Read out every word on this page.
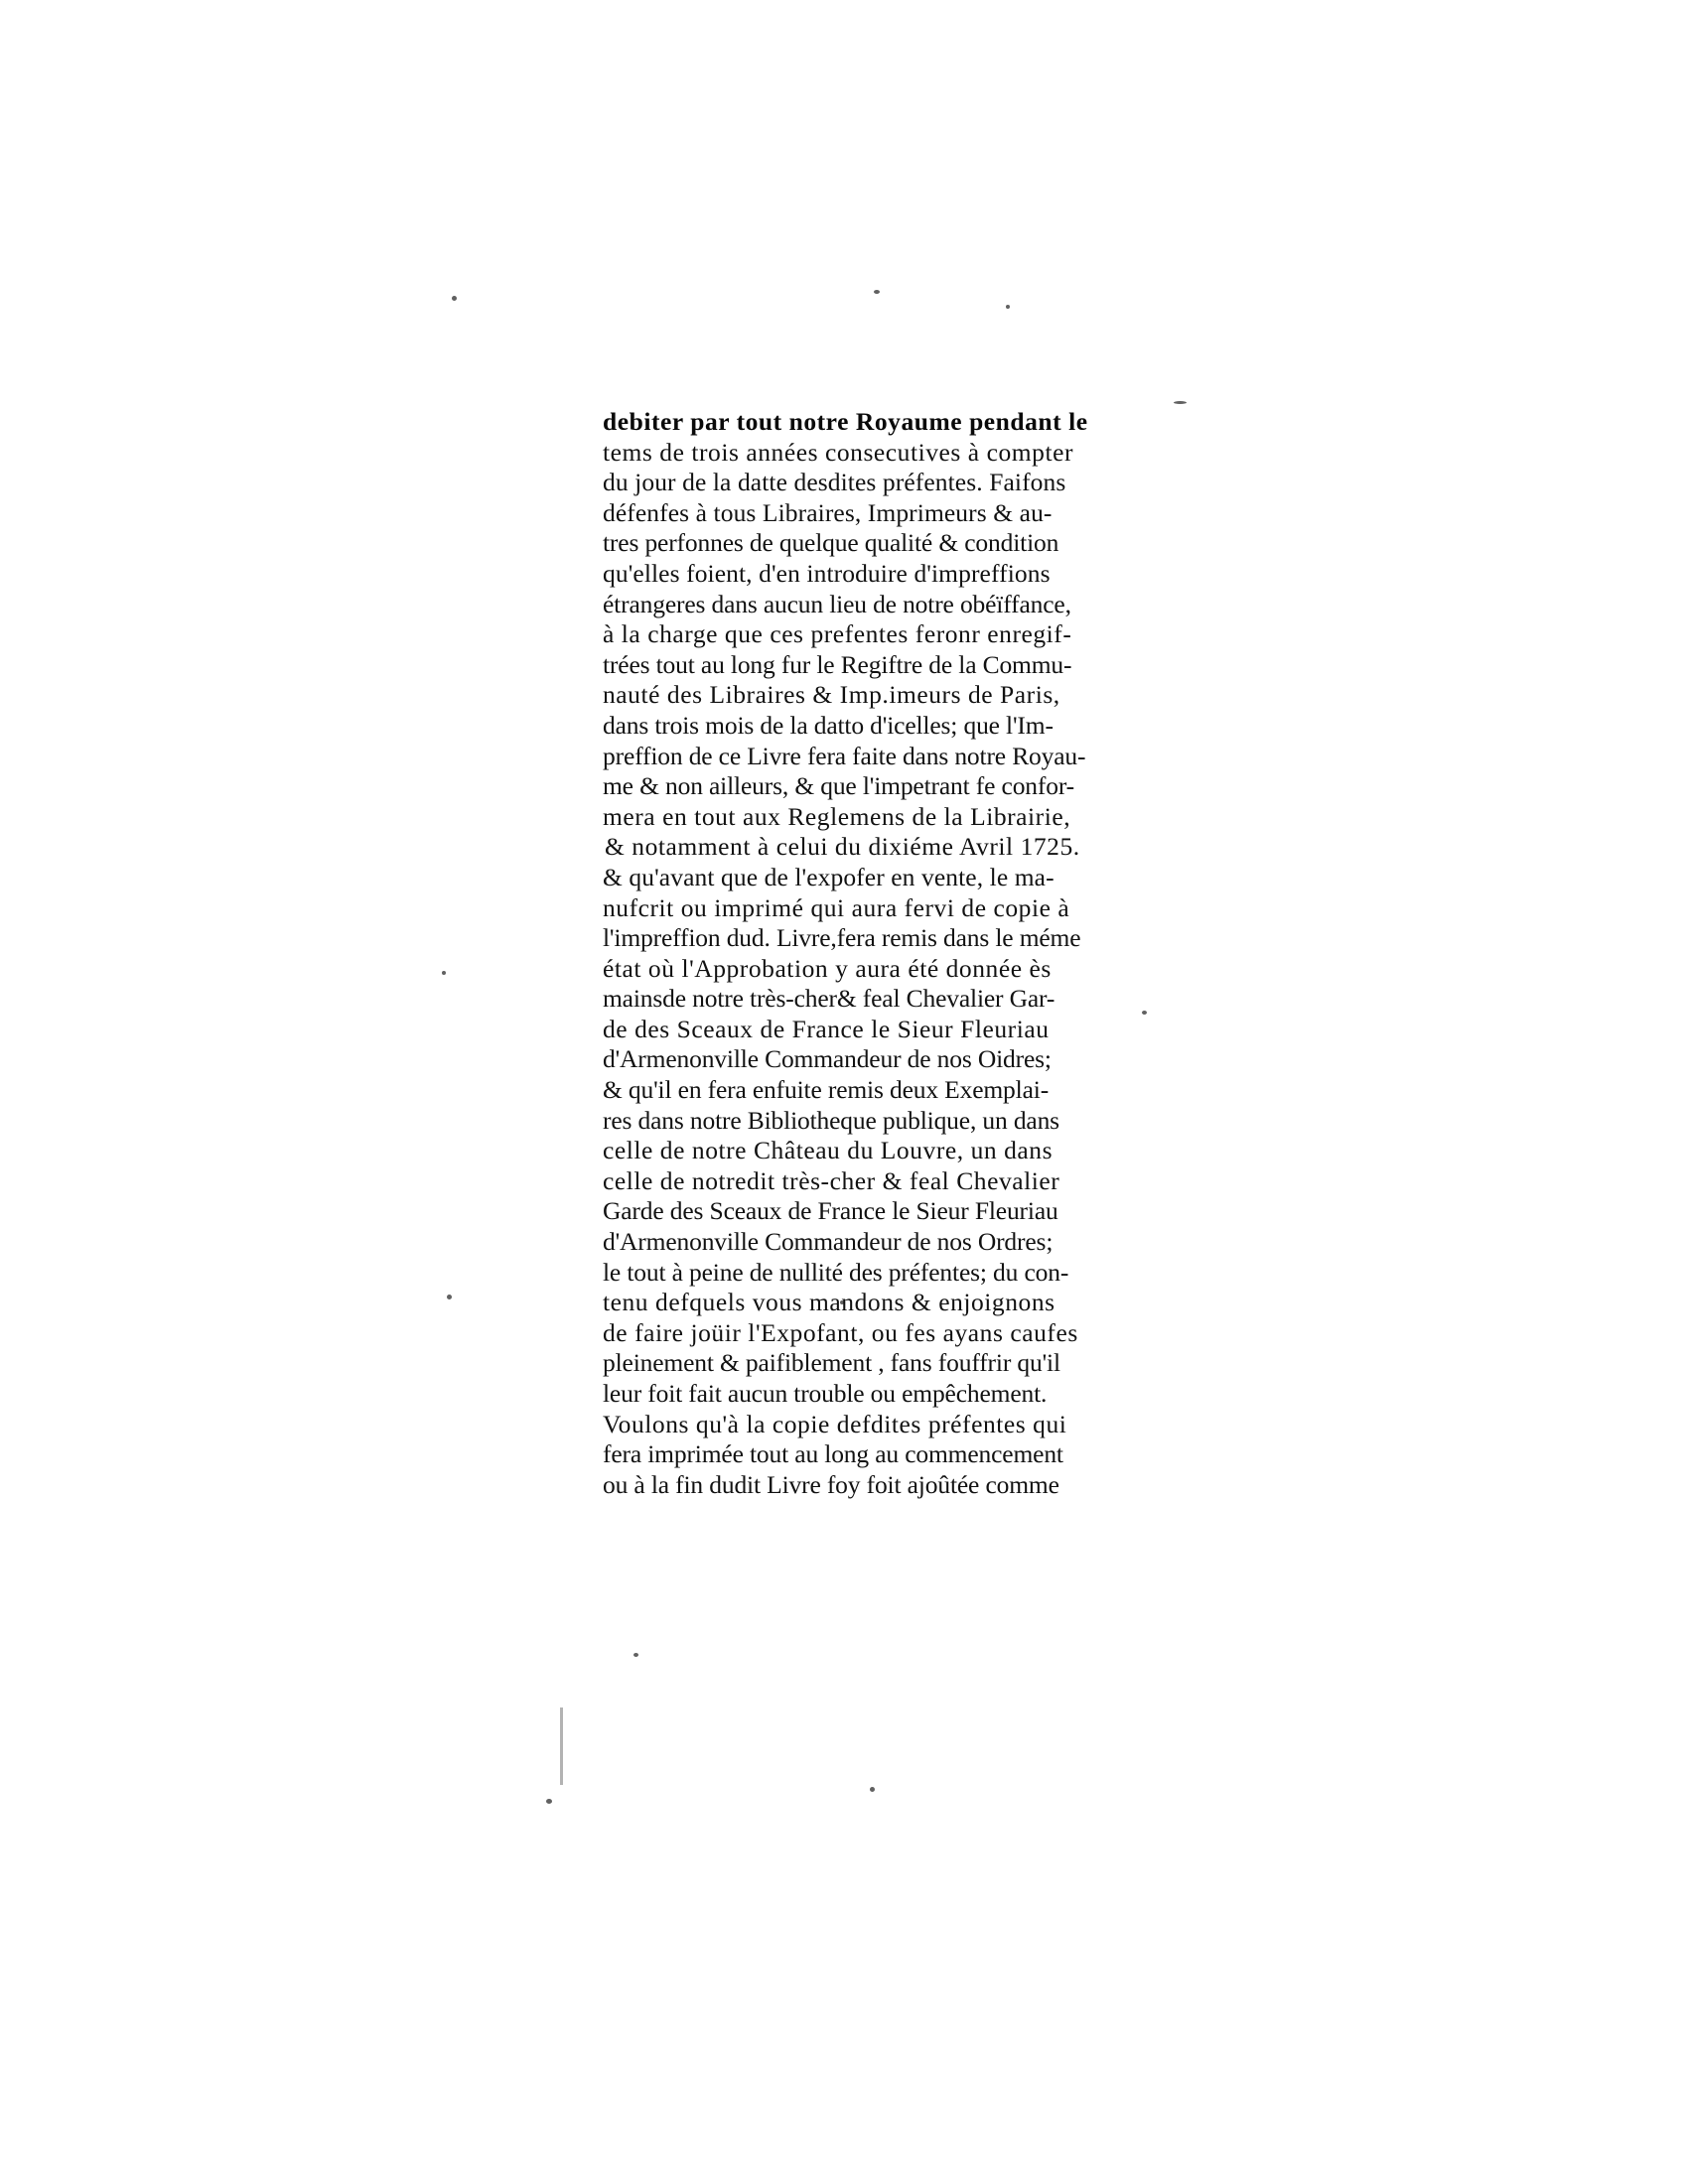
debiter par tout notre Royaume pendant le
tems de trois années consecutives à compter
du jour de la datte desdites préfentes. Faifons
défenfes à tous Libraires, Imprimeurs & au-
tres perfonnes de quelque qualité & condition
qu'elles foient, d'en introduire d'impreffions
étrangeres dans aucun lieu de notre obéïffance,
à la charge que ces prefentes feronr enregif-
trées tout au long fur le Regiftre de la Commu-
nauté des Libraires & Imp.imeurs de Paris,
dans trois mois de la datto d'icelles; que l'Im-
preffion de ce Livre fera faite dans notre Royau-
me & non ailleurs, & que l'impetrant fe confor-
mera en tout aux Reglemens de la Librairie,
& notamment à celui du dixiéme Avril 1725.
& qu'avant que de l'expofer en vente, le ma-
nufcrit ou imprimé qui aura fervi de copie à
l'impreffion dud. Livre,fera remis dans le méme
état où l'Approbation y aura été donnée ès
mainsde notre très-cher& feal Chevalier Gar-
de des Sceaux de France le Sieur Fleuriau
d'Armenonville Commandeur de nos Oidres;
& qu'il en fera enfuite remis deux Exemplai-
res dans notre Bibliotheque publique, un dans
celle de notre Château du Louvre, un dans
celle de notredit très-cher & feal Chevalier
Garde des Sceaux de France le Sieur Fleuriau
d'Armenonville Commandeur de nos Ordres;
le tout à peine de nullité des préfentes; du con-
tenu defquels vous mandons & enjoignons
de faire joüir l'Expofant, ou fes ayans caufes
pleinement & paifiblement , fans fouffrir qu'il
leur foit fait aucun trouble ou empêchement.
Voulons qu'à la copie defdites préfentes qui
fera imprimée tout au long au commencement
ou à la fin dudit Livre foy foit ajoûtée comme
